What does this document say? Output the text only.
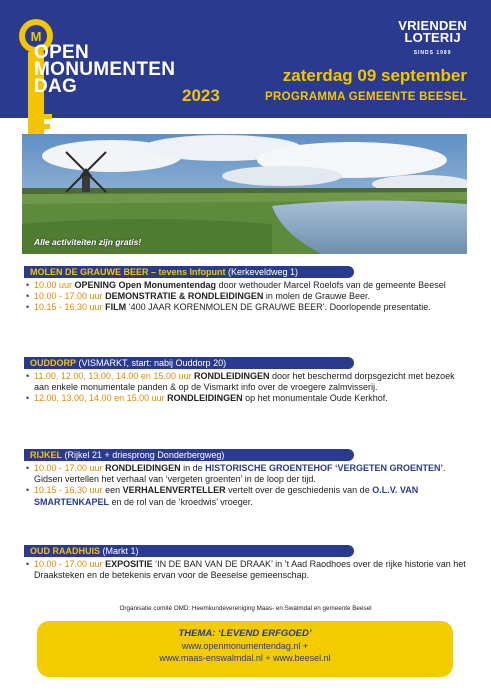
M
OPEN
MONUMENTEN
DAG	2023
VRIENDEN
LOTERIJ
SINDS 1989
zaterdag 09 september
PROGRAMMA GEMEENTE BEESEL
Alle activiteiten zijn gratis!
MOLEN DE GRAUWE BEER – tevens Infopunt (Kerkeveldweg 1)
• 10.00 uur OPENING Open Monumentendag door wethouder Marcel Roelofs van de gemeente Beesel
• 10.00 - 17.00 uur DEMONSTRATIE & RONDLEIDINGEN in molen de Grauwe Beer.
• 10.15 - 16.30 uur FILM ‘400 JAAR KORENMOLEN DE GRAUWE BEER’. Doorlopende presentatie.
OUDDORP (VISMARKT, start: nabij Ouddorp 20)
• 11.00, 12.00, 13.00, 14.00 en 15.00 uur RONDLEIDINGEN door het beschermd dorpsgezicht met bezoek aan enkele monumentale panden & op de Vismarkt info over de vroegere zalmvisserij.
• 12.00, 13.00, 14.00 en 15.00 uur RONDLEIDINGEN op het monumentale Oude Kerkhof.
RIJKEL (Rijkel 21 + driesprong Donderbergweg)
• 10.00 - 17.00 uur RONDLEIDINGEN in de HISTORISCHE GROENTEHOF ‘VERGETEN GROENTEN’. Gidsen vertellen het verhaal van ‘vergeten groenten’ in de loop der tijd.
• 10.15 - 16.30 uur een VERHALENVERTELLER vertelt over de geschiedenis van de O.L.V. VAN SMARTENKAPEL en de rol van de ‘kroedwis’ vroeger.
OUD RAADHUIS (Markt 1)
• 10.00 - 17.00 uur EXPOSITIE ‘IN DE BAN VAN DE DRAAK’ in ’t Aad Raodhoes over de rijke historie van het Draaksteken en de betekenis ervan voor de Beeselse gemeenschap.
Organisatie comité OMD: Heemkundevereniging Maas- en Swalmdal en gemeente Beesel
THEMA: ‘LEVEND ERFGOED’
www.openmonumentendag.nl +
www.maas-enswalmdal.nl + www.beesel.nl
